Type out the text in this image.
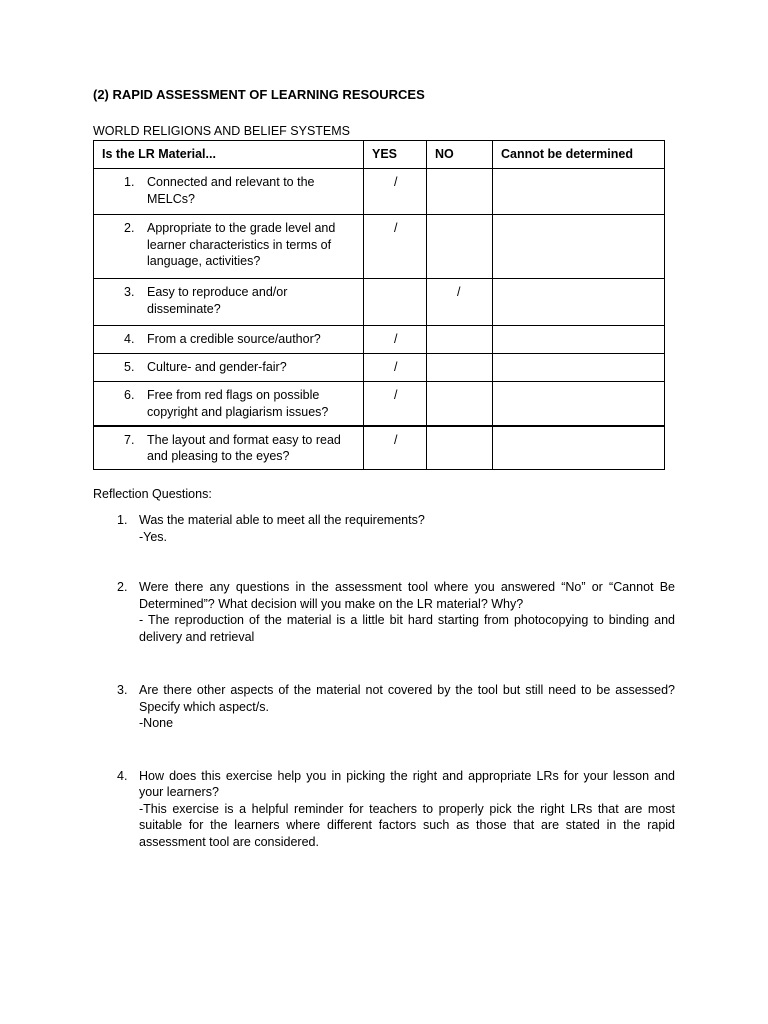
(2) RAPID ASSESSMENT OF LEARNING RESOURCES
WORLD RELIGIONS AND BELIEF SYSTEMS
Is the LR Material...	YES	NO	Cannot be determined

1. Connected and relevant to the MELCs?	/		

2. Appropriate to the grade level and learner characteristics in terms of language, activities?	/		

3. Easy to reproduce and/or disseminate?		/	

4. From a credible source/author?	/		

5. Culture- and gender-fair?	/		

6. Free from red flags on possible copyright and plagiarism issues?	/		

7. The layout and format easy to read and pleasing to the eyes?	/		
Reflection Questions:
1. Was the material able to meet all the requirements?

-Yes.

2. Were there any questions in the assessment tool where you answered “No” or “Cannot Be Determined”? What decision will you make on the LR material? Why?

- The reproduction of the material is a little bit hard starting from photocopying to binding and delivery and retrieval

3. Are there other aspects of the material not covered by the tool but still need to be assessed? Specify which aspect/s.

-None

4. How does this exercise help you in picking the right and appropriate LRs for your lesson and your learners?

-This exercise is a helpful reminder for teachers to properly pick the right LRs that are most suitable for the learners where different factors such as those that are stated in the rapid assessment tool are considered.
